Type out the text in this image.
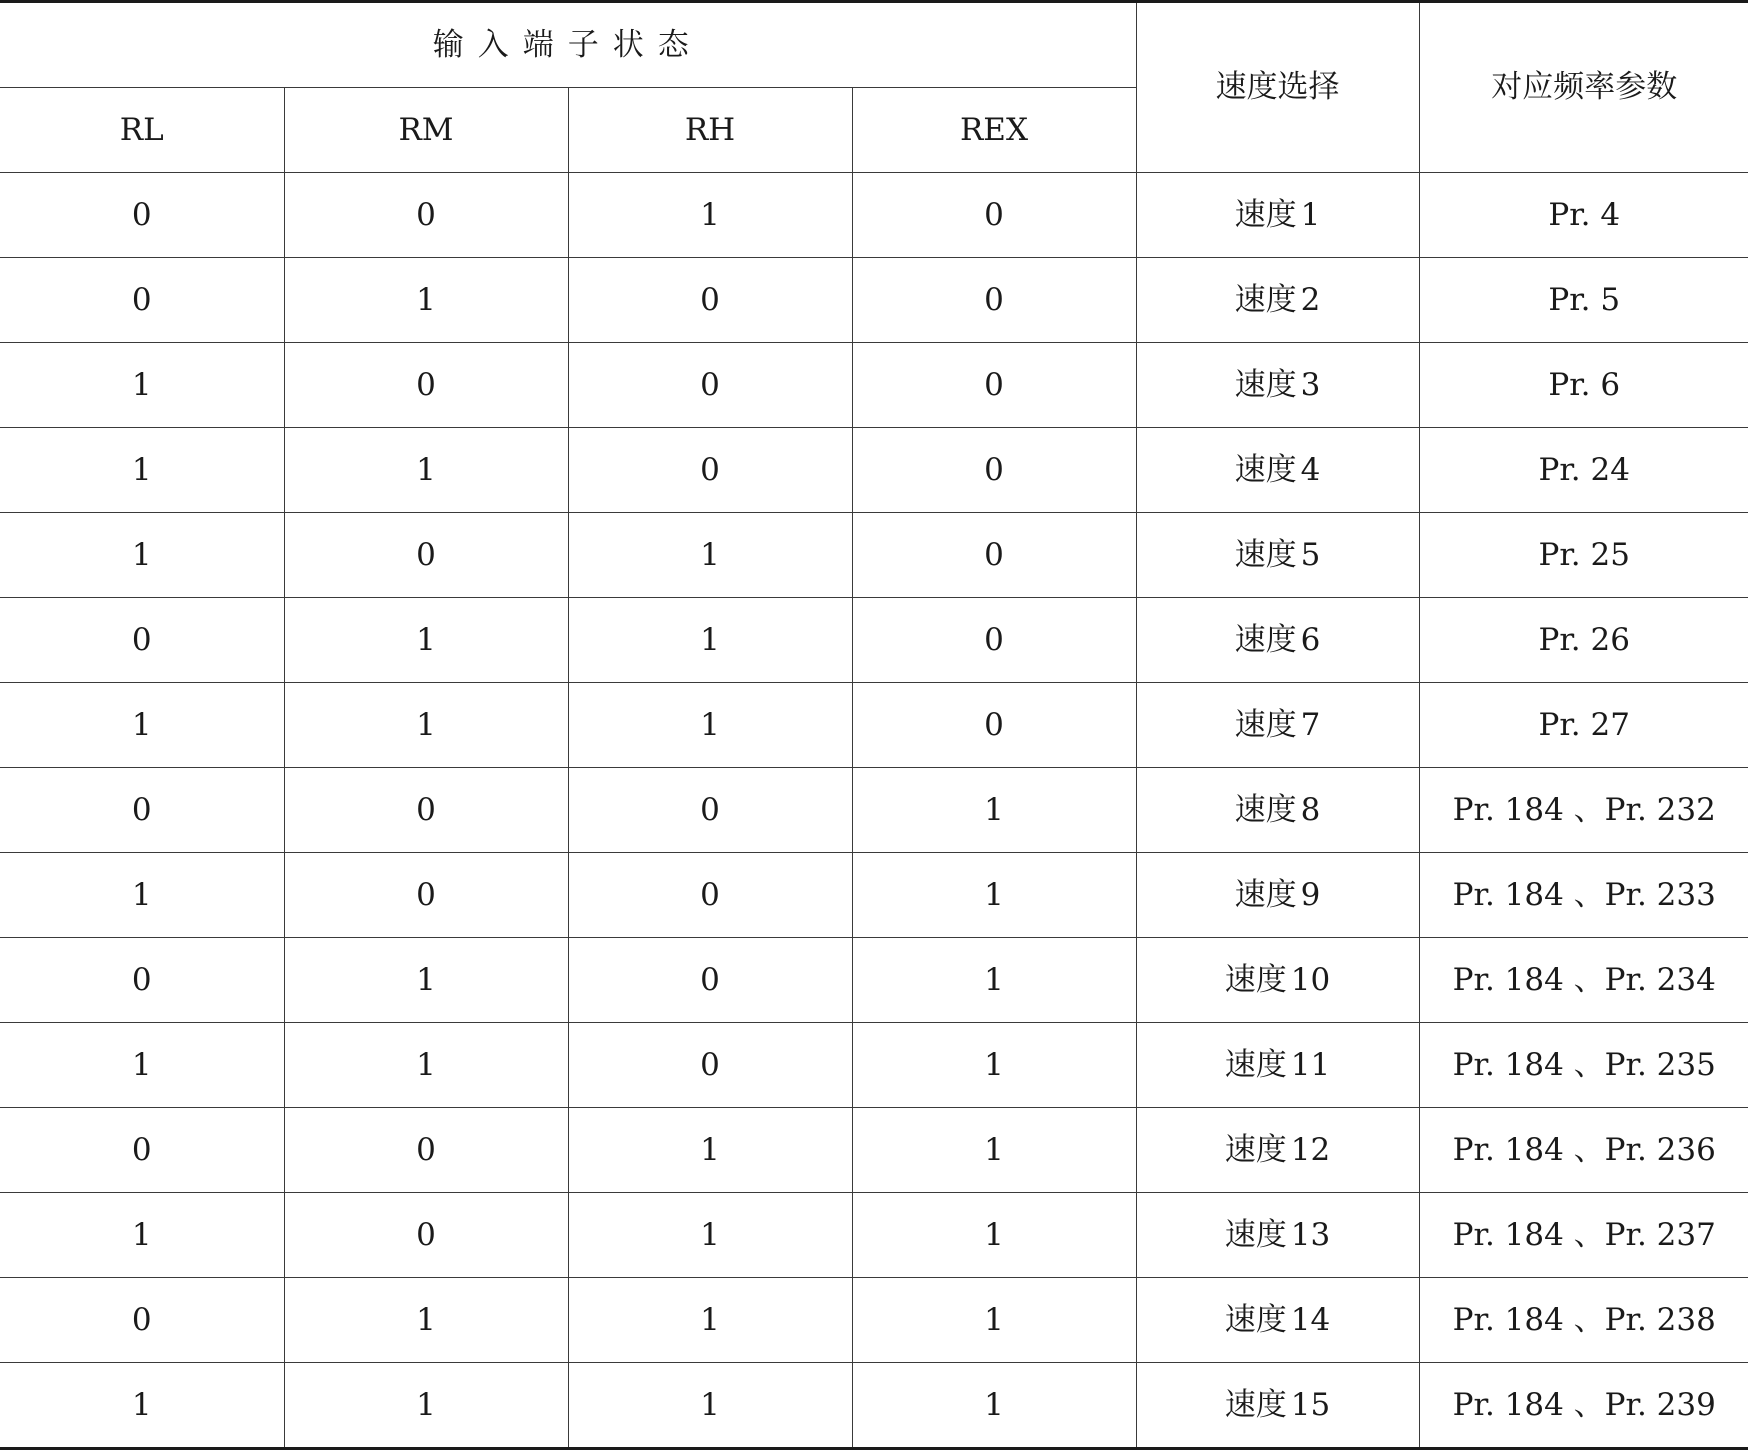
输入端子状态				速度选择	对应频率参数
RL	RM	RH	REX		
0	0	1	0	速度 1	Pr. 4
0	1	0	0	速度 2	Pr. 5
1	0	0	0	速度 3	Pr. 6
1	1	0	0	速度 4	Pr. 24
1	0	1	0	速度 5	Pr. 25
0	1	1	0	速度 6	Pr. 26
1	1	1	0	速度 7	Pr. 27
0	0	0	1	速度 8	Pr. 184 、Pr. 232
1	0	0	1	速度 9	Pr. 184 、Pr. 233
0	1	0	1	速度 10	Pr. 184 、Pr. 234
1	1	0	1	速度 11	Pr. 184 、Pr. 235
0	0	1	1	速度 12	Pr. 184 、Pr. 236
1	0	1	1	速度 13	Pr. 184 、Pr. 237
0	1	1	1	速度 14	Pr. 184 、Pr. 238
1	1	1	1	速度 15	Pr. 184 、Pr. 239
